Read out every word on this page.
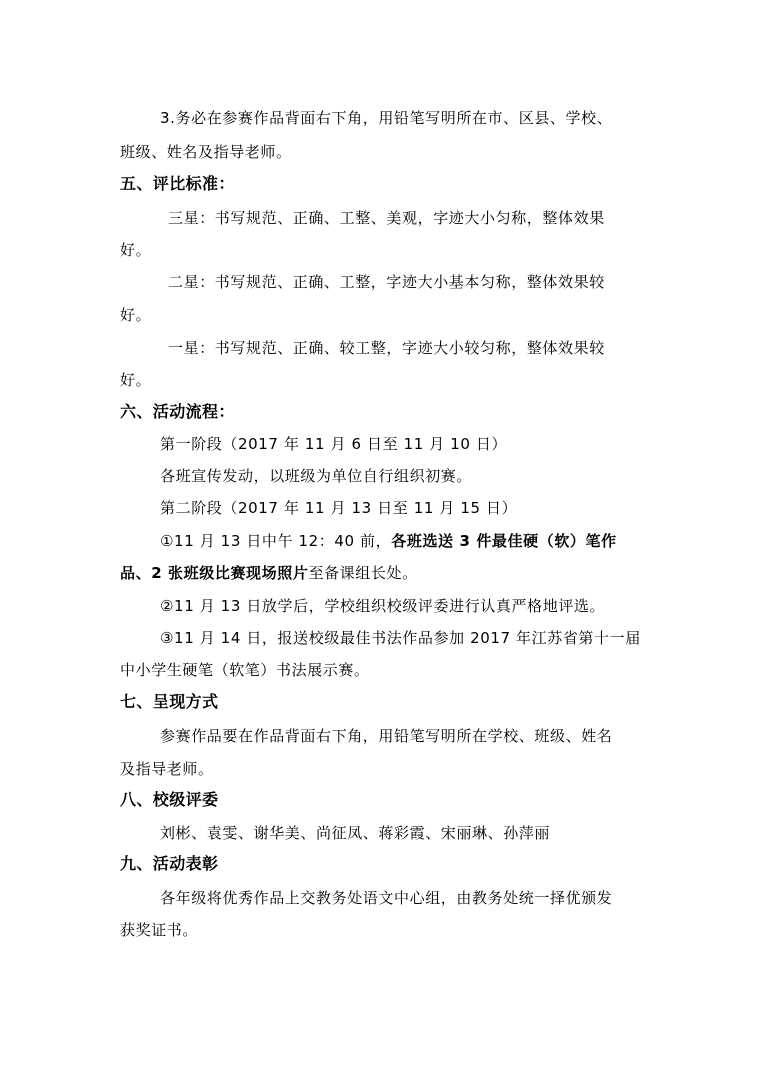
3.务必在参赛作品背面右下角，用铅笔写明所在市、区县、学校、
班级、姓名及指导老师。
五、评比标准：
三星：书写规范、正确、工整、美观，字迹大小匀称，整体效果
好。
二星：书写规范、正确、工整，字迹大小基本匀称，整体效果较
好。
一星：书写规范、正确、较工整，字迹大小较匀称，整体效果较
好。
六、活动流程：
第一阶段（2017 年 11 月 6 日至 11 月 10 日）
各班宣传发动，以班级为单位自行组织初赛。
第二阶段（2017 年 11 月 13 日至 11 月 15 日）
①11 月 13 日中午 12：40 前，各班选送 3 件最佳硬（软）笔作
品、2 张班级比赛现场照片至备课组长处。
②11 月 13 日放学后，学校组织校级评委进行认真严格地评选。
③11 月 14 日，报送校级最佳书法作品参加 2017 年江苏省第十一届
中小学生硬笔（软笔）书法展示赛。
七、呈现方式
参赛作品要在作品背面右下角，用铅笔写明所在学校、班级、姓名
及指导老师。
八、校级评委
刘彬、袁雯、谢华美、尚征凤、蒋彩霞、宋丽琳、孙萍丽
九、活动表彰
各年级将优秀作品上交教务处语文中心组，由教务处统一择优颁发
获奖证书。
